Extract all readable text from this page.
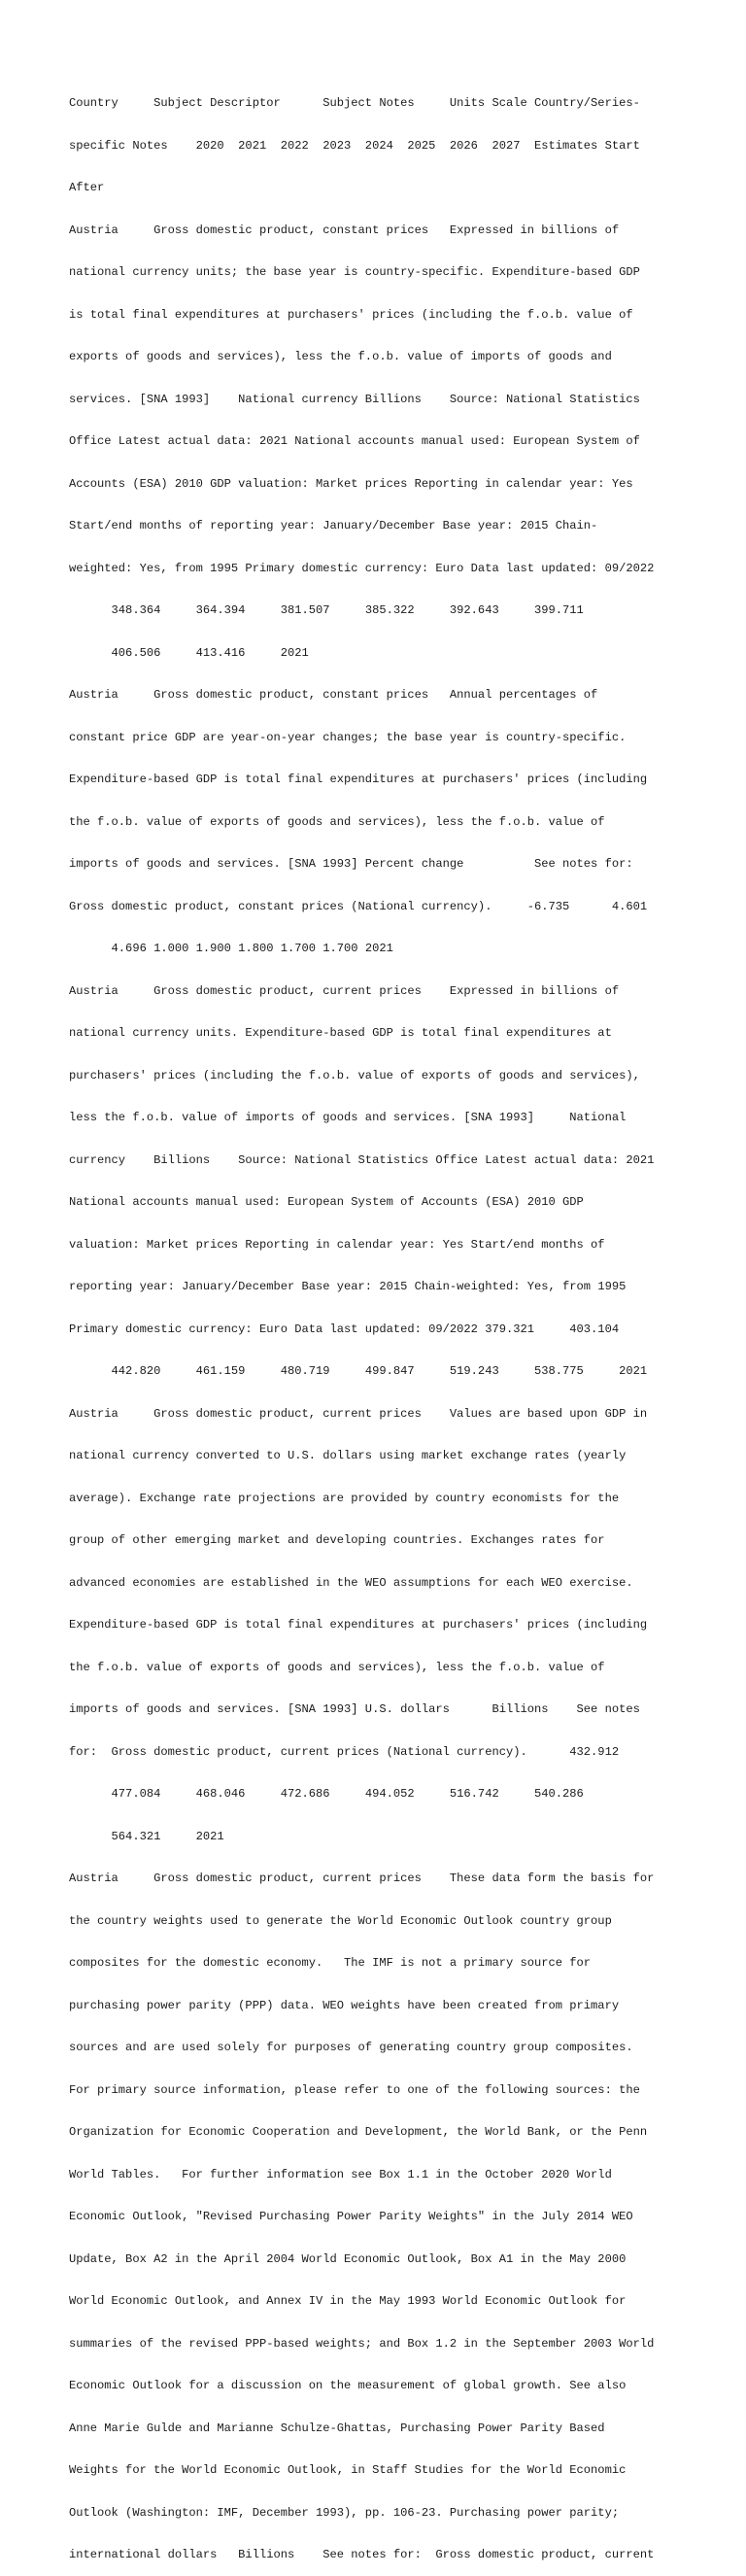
Country     Subject Descriptor      Subject Notes     Units Scale Country/Series-

specific Notes    2020  2021  2022  2023  2024  2025  2026  2027  Estimates Start

After

Austria     Gross domestic product, constant prices   Expressed in billions of

national currency units; the base year is country-specific. Expenditure-based GDP

is total final expenditures at purchasers' prices (including the f.o.b. value of

exports of goods and services), less the f.o.b. value of imports of goods and

services. [SNA 1993]    National currency Billions    Source: National Statistics

Office Latest actual data: 2021 National accounts manual used: European System of

Accounts (ESA) 2010 GDP valuation: Market prices Reporting in calendar year: Yes

Start/end months of reporting year: January/December Base year: 2015 Chain-

weighted: Yes, from 1995 Primary domestic currency: Euro Data last updated: 09/2022

348.364     364.394     381.507     385.322     392.643     399.711

406.506     413.416     2021

Austria     Gross domestic product, constant prices   Annual percentages of

constant price GDP are year-on-year changes; the base year is country-specific.

Expenditure-based GDP is total final expenditures at purchasers' prices (including

the f.o.b. value of exports of goods and services), less the f.o.b. value of

imports of goods and services. [SNA 1993] Percent change          See notes for:

Gross domestic product, constant prices (National currency).     -6.735      4.601

4.696 1.000 1.900 1.800 1.700 1.700 2021

Austria     Gross domestic product, current prices    Expressed in billions of

national currency units. Expenditure-based GDP is total final expenditures at

purchasers' prices (including the f.o.b. value of exports of goods and services),

less the f.o.b. value of imports of goods and services. [SNA 1993]     National

currency    Billions    Source: National Statistics Office Latest actual data: 2021

National accounts manual used: European System of Accounts (ESA) 2010 GDP

valuation: Market prices Reporting in calendar year: Yes Start/end months of

reporting year: January/December Base year: 2015 Chain-weighted: Yes, from 1995

Primary domestic currency: Euro Data last updated: 09/2022 379.321     403.104

442.820     461.159     480.719     499.847     519.243     538.775     2021

Austria     Gross domestic product, current prices    Values are based upon GDP in

national currency converted to U.S. dollars using market exchange rates (yearly

average). Exchange rate projections are provided by country economists for the

group of other emerging market and developing countries. Exchanges rates for

advanced economies are established in the WEO assumptions for each WEO exercise.

Expenditure-based GDP is total final expenditures at purchasers' prices (including

the f.o.b. value of exports of goods and services), less the f.o.b. value of

imports of goods and services. [SNA 1993] U.S. dollars      Billions    See notes

for:  Gross domestic product, current prices (National currency).      432.912

477.084     468.046     472.686     494.052     516.742     540.286

564.321     2021

Austria     Gross domestic product, current prices    These data form the basis for

the country weights used to generate the World Economic Outlook country group

composites for the domestic economy.   The IMF is not a primary source for

purchasing power parity (PPP) data. WEO weights have been created from primary

sources and are used solely for purposes of generating country group composites.

For primary source information, please refer to one of the following sources: the

Organization for Economic Cooperation and Development, the World Bank, or the Penn

World Tables.   For further information see Box 1.1 in the October 2020 World

Economic Outlook, "Revised Purchasing Power Parity Weights" in the July 2014 WEO

Update, Box A2 in the April 2004 World Economic Outlook, Box A1 in the May 2000

World Economic Outlook, and Annex IV in the May 1993 World Economic Outlook for

summaries of the revised PPP-based weights; and Box 1.2 in the September 2003 World

Economic Outlook for a discussion on the measurement of global growth. See also

Anne Marie Gulde and Marianne Schulze-Ghattas, Purchasing Power Parity Based

Weights for the World Economic Outlook, in Staff Studies for the World Economic

Outlook (Washington: IMF, December 1993), pp. 106-23. Purchasing power parity;

international dollars   Billions    See notes for:  Gross domestic product, current
